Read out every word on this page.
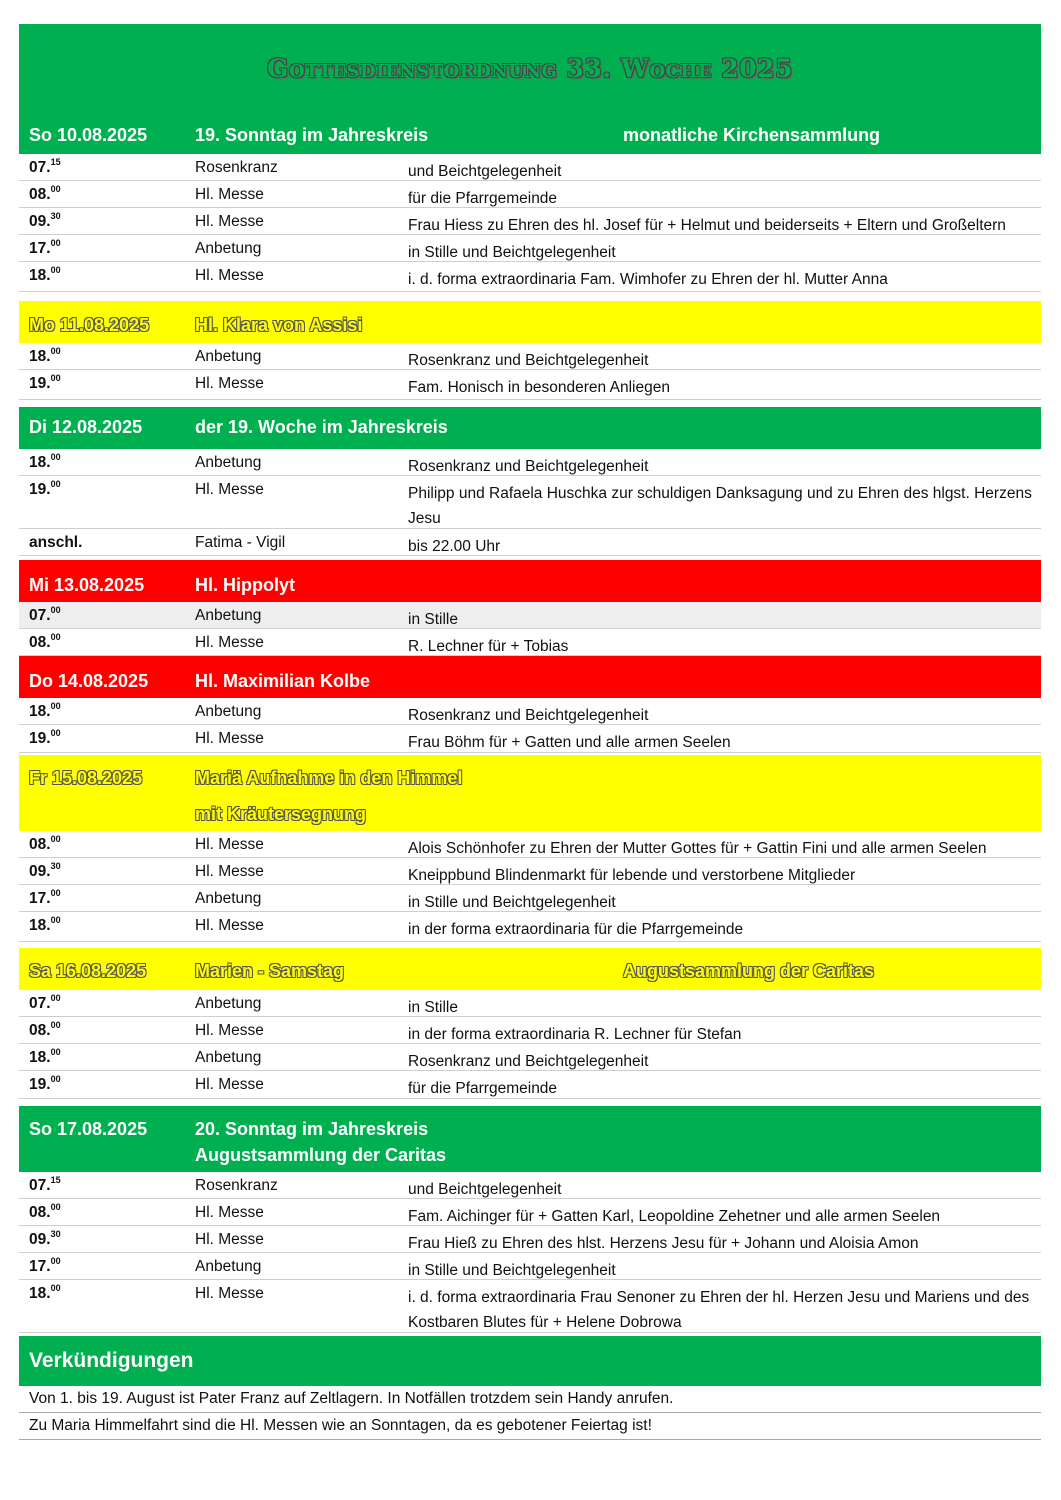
Gottesdienstordnung 33. Woche 2025
So 10.08.2025	19. Sonntag im Jahreskreis	monatliche Kirchensammlung
07.15	Rosenkranz	und Beichtgelegenheit
08.00	Hl. Messe	für die Pfarrgemeinde
09.30	Hl. Messe	Frau Hiess zu Ehren des hl. Josef für + Helmut und beiderseits + Eltern und Großeltern
17.00	Anbetung	in Stille und Beichtgelegenheit
18.00	Hl. Messe	i. d. forma extraordinaria Fam. Wimhofer zu Ehren der hl. Mutter Anna
Mo 11.08.2025	Hl. Klara von Assisi
18.00	Anbetung	Rosenkranz und Beichtgelegenheit
19.00	Hl. Messe	Fam. Honisch in besonderen Anliegen
Di 12.08.2025	der 19. Woche im Jahreskreis
18.00	Anbetung	Rosenkranz und Beichtgelegenheit
19.00	Hl. Messe	Philipp und Rafaela Huschka zur schuldigen Danksagung und zu Ehren des hlgst. Herzens Jesu
anschl.	Fatima - Vigil	bis 22.00 Uhr
Mi 13.08.2025	Hl. Hippolyt
07.00	Anbetung	in Stille
08.00	Hl. Messe	R. Lechner für + Tobias
Do 14.08.2025	Hl. Maximilian Kolbe
18.00	Anbetung	Rosenkranz und Beichtgelegenheit
19.00	Hl. Messe	Frau Böhm für + Gatten und alle armen Seelen
Fr 15.08.2025	Mariä Aufnahme in den Himmel
mit Kräutersegnung
08.00	Hl. Messe	Alois Schönhofer zu Ehren der Mutter Gottes für + Gattin Fini und alle armen Seelen
09.30	Hl. Messe	Kneippbund Blindenmarkt für lebende und verstorbene Mitglieder
17.00	Anbetung	in Stille und Beichtgelegenheit
18.00	Hl. Messe	in der forma extraordinaria für die Pfarrgemeinde
Sa 16.08.2025	Marien - Samstag	Augustsammlung der Caritas
07.00	Anbetung	in Stille
08.00	Hl. Messe	in der forma extraordinaria R. Lechner für Stefan
18.00	Anbetung	Rosenkranz und Beichtgelegenheit
19.00	Hl. Messe	für die Pfarrgemeinde
So 17.08.2025	20. Sonntag im Jahreskreis
Augustsammlung der Caritas
07.15	Rosenkranz	und Beichtgelegenheit
08.00	Hl. Messe	Fam. Aichinger für + Gatten Karl, Leopoldine Zehetner und alle armen Seelen
09.30	Hl. Messe	Frau Hieß zu Ehren des hlst. Herzens Jesu für + Johann und Aloisia Amon
17.00	Anbetung	in Stille und Beichtgelegenheit
18.00	Hl. Messe	i. d. forma extraordinaria Frau Senoner zu Ehren der hl. Herzen Jesu und Mariens und des Kostbaren Blutes für + Helene Dobrowa
Verkündigungen
Von 1. bis 19. August ist Pater Franz auf Zeltlagern. In Notfällen trotzdem sein Handy anrufen.
Zu Maria Himmelfahrt sind die Hl. Messen wie an Sonntagen, da es gebotener Feiertag ist!
